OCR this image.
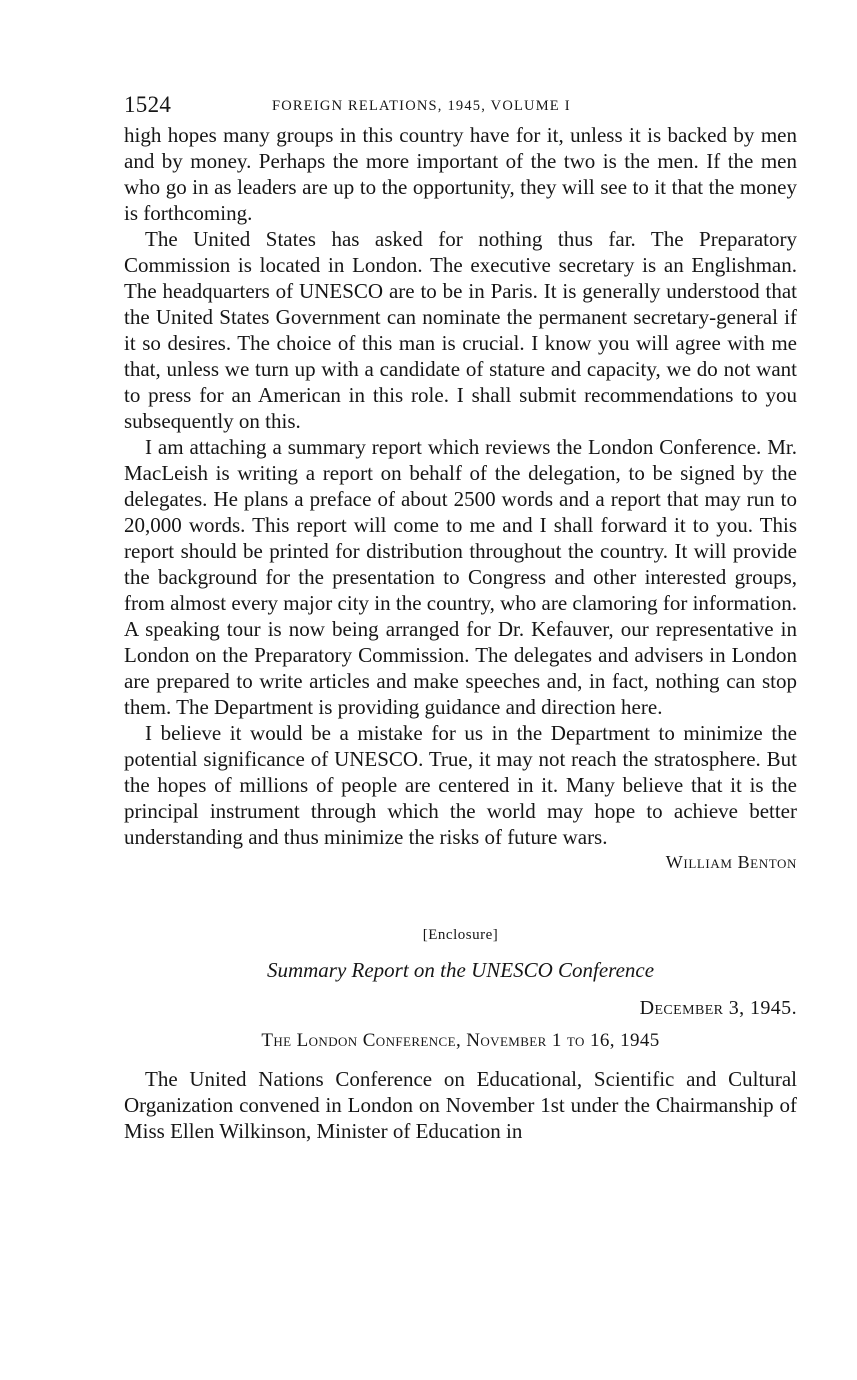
1524	FOREIGN RELATIONS, 1945, VOLUME I

high hopes many groups in this country have for it, unless it is backed by men and by money. Perhaps the more important of the two is the men. If the men who go in as leaders are up to the opportunity, they will see to it that the money is forthcoming.

The United States has asked for nothing thus far. The Preparatory Commission is located in London. The executive secretary is an Englishman. The headquarters of UNESCO are to be in Paris. It is generally understood that the United States Government can nominate the permanent secretary-general if it so desires. The choice of this man is crucial. I know you will agree with me that, unless we turn up with a candidate of stature and capacity, we do not want to press for an American in this role. I shall submit recommendations to you subsequently on this.

I am attaching a summary report which reviews the London Conference. Mr. MacLeish is writing a report on behalf of the delegation, to be signed by the delegates. He plans a preface of about 2500 words and a report that may run to 20,000 words. This report will come to me and I shall forward it to you. This report should be printed for distribution throughout the country. It will provide the background for the presentation to Congress and other interested groups, from almost every major city in the country, who are clamoring for information. A speaking tour is now being arranged for Dr. Kefauver, our representative in London on the Preparatory Commission. The delegates and advisers in London are prepared to write articles and make speeches and, in fact, nothing can stop them. The Department is providing guidance and direction here.

I believe it would be a mistake for us in the Department to minimize the potential significance of UNESCO. True, it may not reach the stratosphere. But the hopes of millions of people are centered in it. Many believe that it is the principal instrument through which the world may hope to achieve better understanding and thus minimize the risks of future wars.

William Benton
[Enclosure]
Summary Report on the UNESCO Conference
December 3, 1945.
The London Conference, November 1 to 16, 1945

The United Nations Conference on Educational, Scientific and Cultural Organization convened in London on November 1st under the Chairmanship of Miss Ellen Wilkinson, Minister of Education in
